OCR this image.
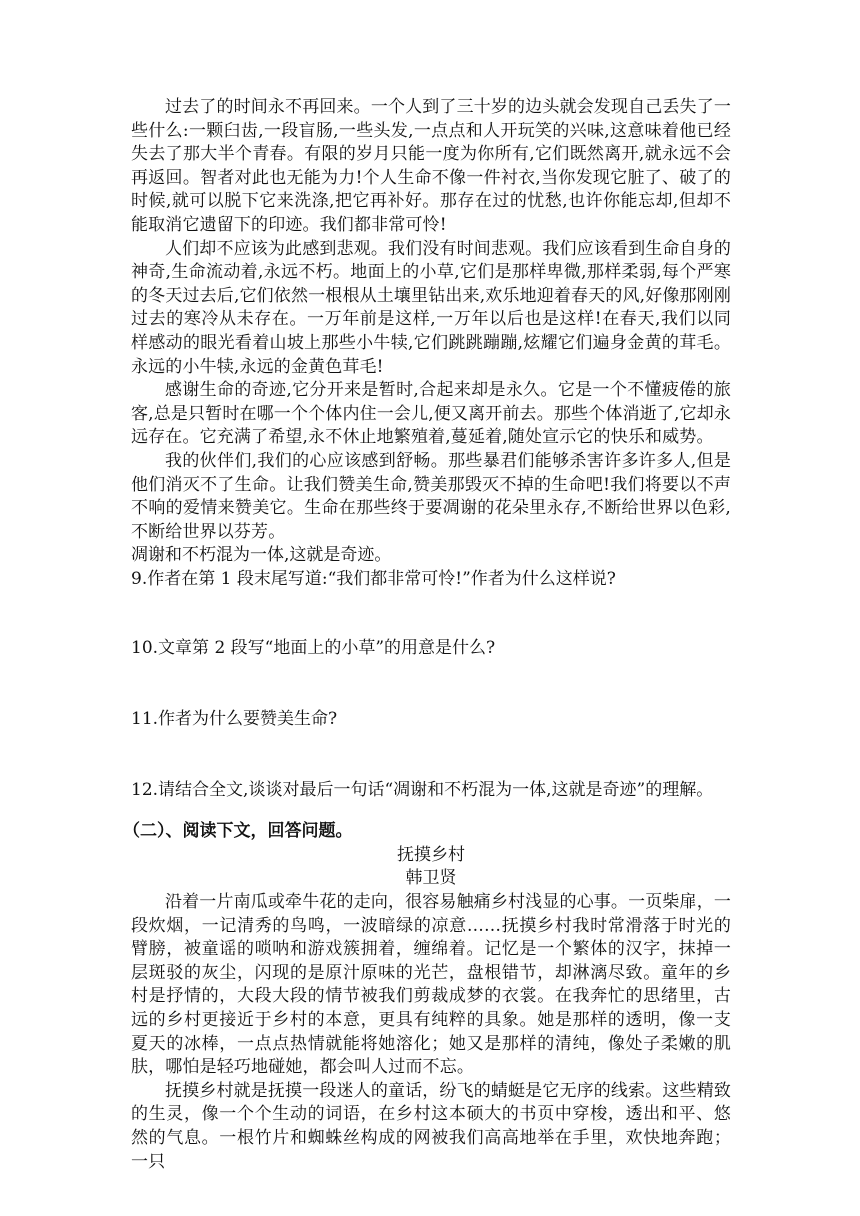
过去了的时间永不再回来。一个人到了三十岁的边头就会发现自己丢失了一些什么:一颗臼齿,一段盲肠,一些头发,一点点和人开玩笑的兴味,这意味着他已经失去了那大半个青春。有限的岁月只能一度为你所有,它们既然离开,就永远不会再返回。智者对此也无能为力!个人生命不像一件衬衣,当你发现它脏了、破了的时候,就可以脱下它来洗涤,把它再补好。那存在过的忧愁,也许你能忘却,但却不能取消它遗留下的印迹。我们都非常可怜!

人们却不应该为此感到悲观。我们没有时间悲观。我们应该看到生命自身的神奇,生命流动着,永远不朽。地面上的小草,它们是那样卑微,那样柔弱,每个严寒的冬天过去后,它们依然一根根从土壤里钻出来,欢乐地迎着春天的风,好像那刚刚过去的寒冷从未存在。一万年前是这样,一万年以后也是这样!在春天,我们以同样感动的眼光看着山坡上那些小牛犊,它们跳跳蹦蹦,炫耀它们遍身金黄的茸毛。永远的小牛犊,永远的金黄色茸毛!

感谢生命的奇迹,它分开来是暂时,合起来却是永久。它是一个不懂疲倦的旅客,总是只暂时在哪一个个体内住一会儿,便又离开前去。那些个体消逝了,它却永远存在。它充满了希望,永不休止地繁殖着,蔓延着,随处宣示它的快乐和威势。

我的伙伴们,我们的心应该感到舒畅。那些暴君们能够杀害许多许多人,但是他们消灭不了生命。让我们赞美生命,赞美那毁灭不掉的生命吧!我们将要以不声不响的爱情来赞美它。生命在那些终于要凋谢的花朵里永存,不断给世界以色彩,不断给世界以芬芳。

凋谢和不朽混为一体,这就是奇迹。

9.作者在第 1 段末尾写道:“我们都非常可怜!”作者为什么这样说?

10.文章第 2 段写“地面上的小草”的用意是什么?

11.作者为什么要赞美生命?

12.请结合全文,谈谈对最后一句话“凋谢和不朽混为一体,这就是奇迹”的理解。

（二）、阅读下文，回答问题。

抚摸乡村

韩卫贤

沿着一片南瓜或牵牛花的走向，很容易触痛乡村浅显的心事。一页柴扉，一段炊烟，一记清秀的鸟鸣，一波暗绿的凉意……抚摸乡村我时常滑落于时光的臂膀，被童谣的唢呐和游戏簇拥着，缠绵着。记忆是一个繁体的汉字，抹掉一层斑驳的灰尘，闪现的是原汁原味的光芒，盘根错节，却淋漓尽致。童年的乡村是抒情的，大段大段的情节被我们剪裁成梦的衣裳。在我奔忙的思绪里，古远的乡村更接近于乡村的本意，更具有纯粹的具象。她是那样的透明，像一支夏天的冰棒，一点点热情就能将她溶化；她又是那样的清纯，像处子柔嫩的肌肤，哪怕是轻巧地碰她，都会叫人过而不忘。

抚摸乡村就是抚摸一段迷人的童话，纷飞的蜻蜓是它无序的线索。这些精致的生灵，像一个个生动的词语，在乡村这本硕大的书页中穿梭，透出和平、悠然的气息。一根竹片和蜘蛛丝构成的网被我们高高地举在手里，欢快地奔跑；一只
